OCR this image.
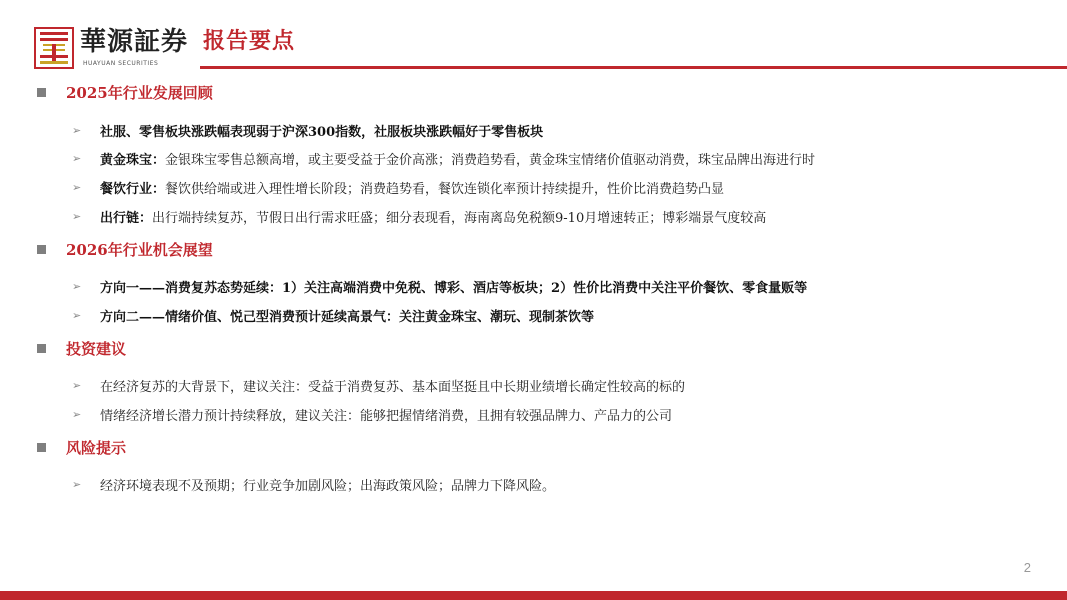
華源証券
HUAYUAN SECURITIES
报告要点
2025年行业发展回顾
➢	社服、零售板块涨跌幅表现弱于沪深300指数，社服板块涨跌幅好于零售板块
➢	黄金珠宝： 金银珠宝零售总额高增，或主要受益于金价高涨；消费趋势看，黄金珠宝情绪价值驱动消费，珠宝品牌出海进行时
➢	餐饮行业： 餐饮供给端或进入理性增长阶段；消费趋势看，餐饮连锁化率预计持续提升，性价比消费趋势凸显
➢	出行链： 出行端持续复苏，节假日出行需求旺盛；细分表现看，海南离岛免税额9-10月增速转正；博彩端景气度较高
2026年行业机会展望
➢	方向一——消费复苏态势延续：1）关注高端消费中免税、博彩、酒店等板块；2）性价比消费中关注平价餐饮、零食量贩等
➢	方向二——情绪价值、悦己型消费预计延续高景气：关注黄金珠宝、潮玩、现制茶饮等
投资建议
➢	在经济复苏的大背景下，建议关注：受益于消费复苏、基本面坚挺且中长期业绩增长确定性较高的标的
➢	情绪经济增长潜力预计持续释放，建议关注：能够把握情绪消费，且拥有较强品牌力、产品力的公司
风险提示
➢	经济环境表现不及预期；行业竞争加剧风险；出海政策风险；品牌力下降风险。
2
